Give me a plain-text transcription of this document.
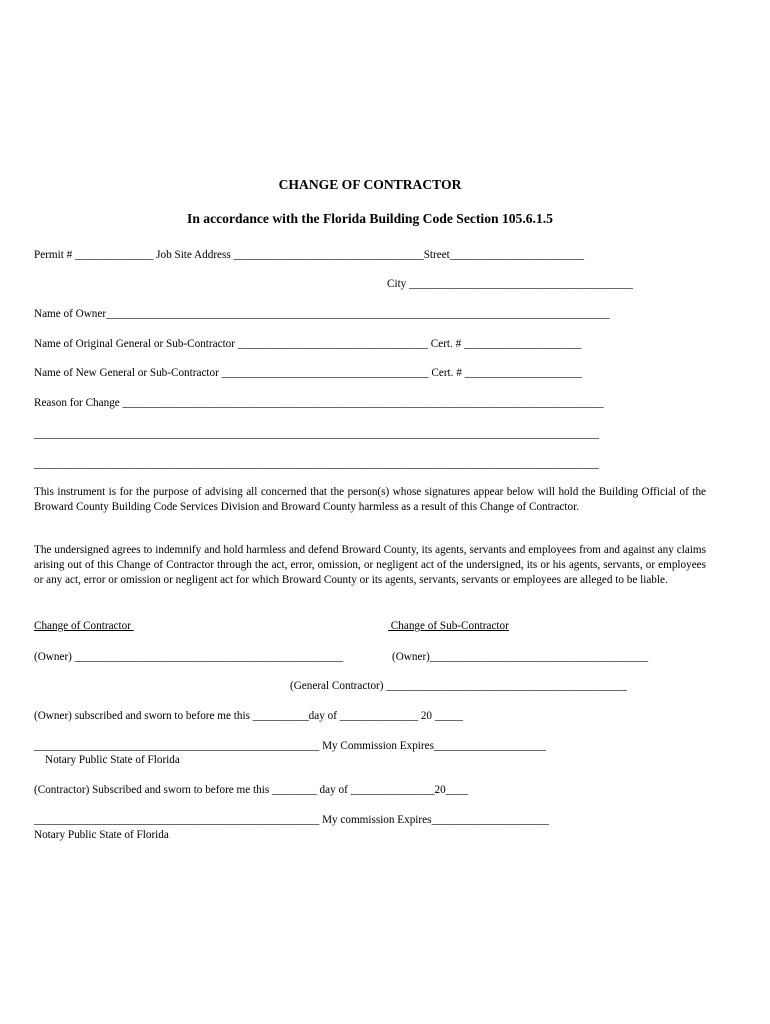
CHANGE OF CONTRACTOR
In accordance with the Florida Building Code Section 105.6.1.5
Permit # ______________ Job Site Address __________________________________Street________________________
City ________________________________________
Name of Owner__________________________________________________________________________________________
Name of Original General or Sub-Contractor __________________________________ Cert. # _____________________
Name of New General or Sub-Contractor _____________________________________ Cert. # _____________________
Reason for Change ______________________________________________________________________________________
_____________________________________________________________________________________________________
_____________________________________________________________________________________________________
This instrument is for the purpose of advising all concerned that the person(s) whose signatures appear below will hold the Building Official of the Broward County Building Code Services Division and Broward County harmless as a result of this Change of Contractor.
The undersigned agrees to indemnify and hold harmless and defend Broward County, its agents, servants and employees from and against any claims arising out of this Change of Contractor through the act, error, omission, or negligent act of the undersigned, its or his agents, servants, or employees or any act, error or omission or negligent act for which Broward County or its agents, servants, servants or employees are alleged to be liable.
Change of Contractor	Change of Sub-Contractor
(Owner) ________________________________________________	(Owner)_______________________________________
(General Contractor) ___________________________________________
(Owner) subscribed and sworn to before me this __________day of ______________ 20 _____
___________________________________________________ My Commission Expires____________________
Notary Public State of Florida
(Contractor) Subscribed and sworn to before me this ________ day of _______________20____
___________________________________________________ My commission Expires_____________________
Notary Public State of Florida
